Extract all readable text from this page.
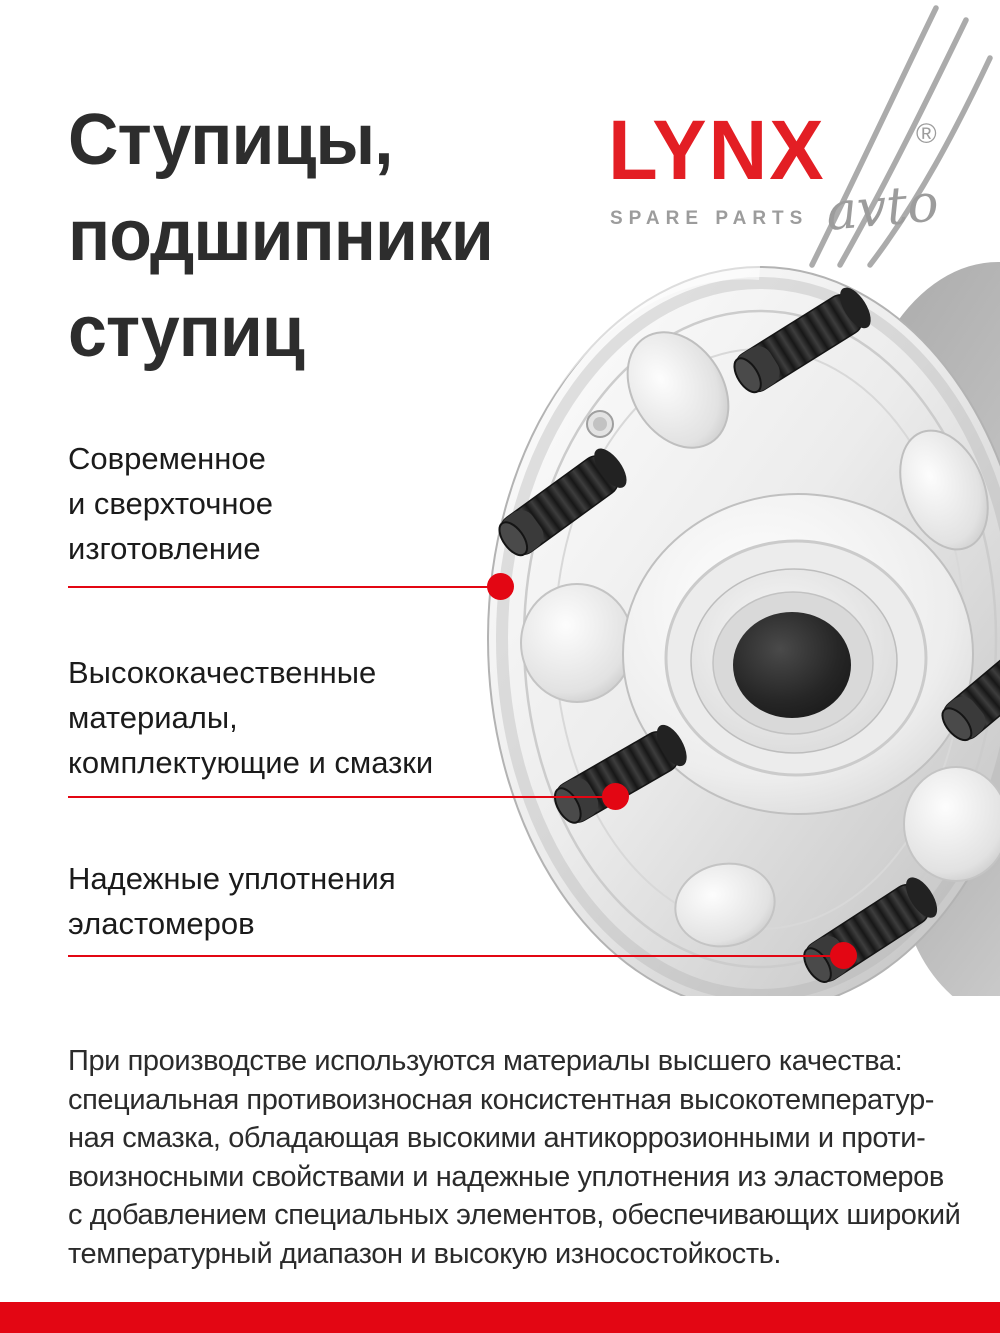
Ступицы,
подшипники
ступиц
LYNX	®
SPARE PARTS avto
Современное
и сверхточное
изготовление
Высококачественные
материалы,
комплектующие и смазки
Надежные уплотнения
эластомеров
При производстве используются материалы высшего качества:
специальная противоизносная консистентная высокотемператур-
ная смазка, обладающая высокими антикоррозионными и проти-
воизносными свойствами и надежные уплотнения из эластомеров
с добавлением специальных элементов, обеспечивающих широкий
температурный диапазон и высокую износостойкость.
